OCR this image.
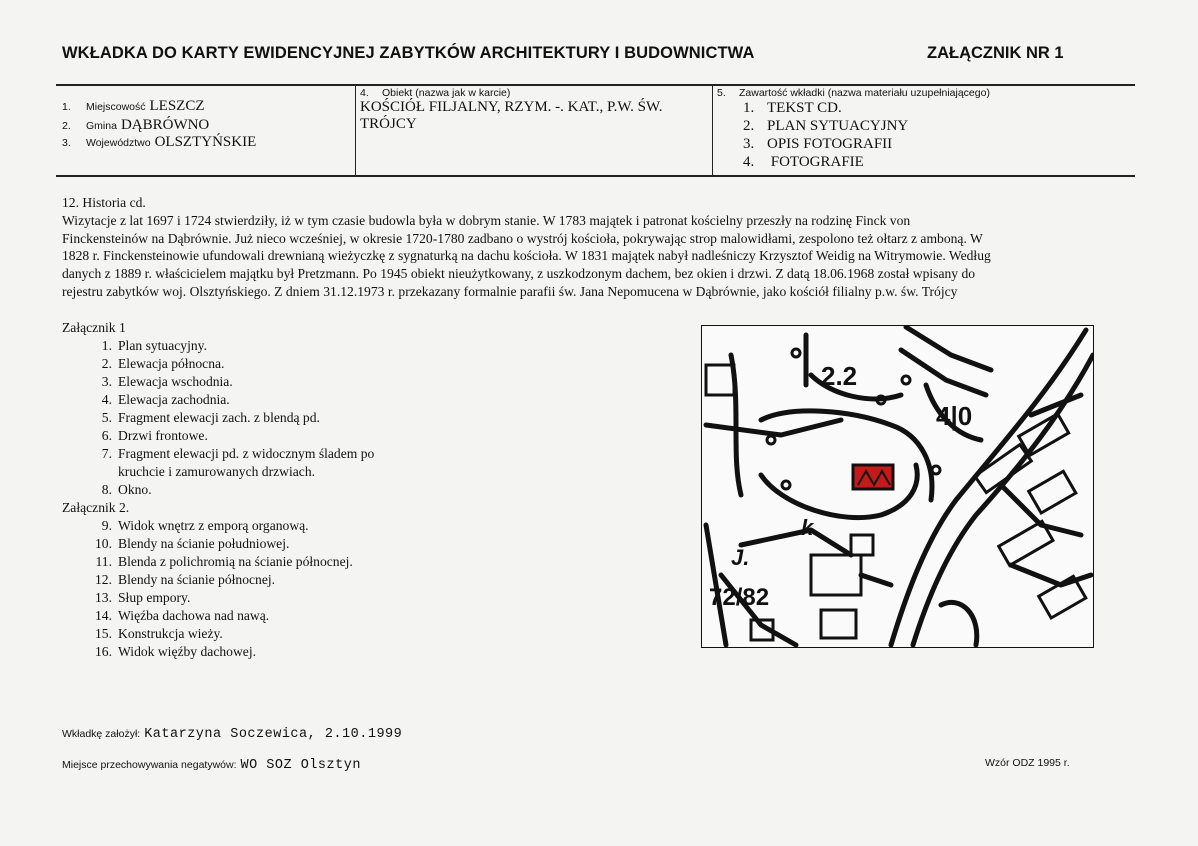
WKŁADKA DO KARTY EWIDENCYJNEJ ZABYTKÓW ARCHITEKTURY I BUDOWNICTWA	ZAŁĄCZNIK NR 1
1. Miejscowość LESZCZ
2. Gmina DĄBRÓWNO
3. Województwo OLSZTYŃSKIE
4. Obiekt (nazwa jak w karcie)
KOŚCIÓŁ FILJALNY, RZYM. -. KAT., P.W. ŚW.
TRÓJCY
5. Zawartość wkładki (nazwa materiału uzupełniającego)
1. TEKST CD.
2. PLAN SYTUACYJNY
3. OPIS FOTOGRAFII
4. FOTOGRAFIE
12. Historia cd.
Wizytacje z lat 1697 i 1724 stwierdziły, iż w tym czasie budowla była w dobrym stanie. W 1783 majątek i patronat kościelny przeszły na rodzinę Finck von
Finckensteinów na Dąbrównie. Już nieco wcześniej, w okresie 1720-1780 zadbano o wystrój kościoła, pokrywając strop malowidłami, zespolono też ołtarz z amboną. W
1828 r. Finckensteinowie ufundowali drewnianą wieżyczkę z sygnaturką na dachu kościoła. W 1831 majątek nabył nadleśniczy Krzysztof Weidig na Witrymowie. Według
danych z 1889 r. właścicielem majątku był Pretzmann. Po 1945 obiekt nieużytkowany, z uszkodzonym dachem, bez okien i drzwi. Z datą 18.06.1968 został wpisany do
rejestru zabytków woj. Olsztyńskiego. Z dniem 31.12.1973 r. przekazany formalnie parafii św. Jana Nepomucena w Dąbrównie, jako kościół filialny p.w. św. Trójcy
Załącznik 1
1. Plan sytuacyjny.
2. Elewacja północna.
3. Elewacja wschodnia.
4. Elewacja zachodnia.
5. Fragment elewacji zach. z blendą pd.
6. Drzwi frontowe.
7. Fragment elewacji pd. z widocznym śladem po kruchcie i zamurowanych drzwiach.
8. Okno.
Załącznik 2.
9. Widok wnętrz z emporą organową.
10. Blendy na ścianie południowej.
11. Blenda z polichromią na ścianie północnej.
12. Blendy na ścianie północnej.
13. Słup empory.
14. Więźba dachowa nad nawą.
15. Konstrukcja wieży.
16. Widok więźby dachowej.
2.2
4|0
k.
J.
72/82
Wkładkę założył: Katarzyna Soczewica, 2.10.1999
Miejsce przechowywania negatywów: WO SOZ Olsztyn	Wzór ODZ 1995 r.
